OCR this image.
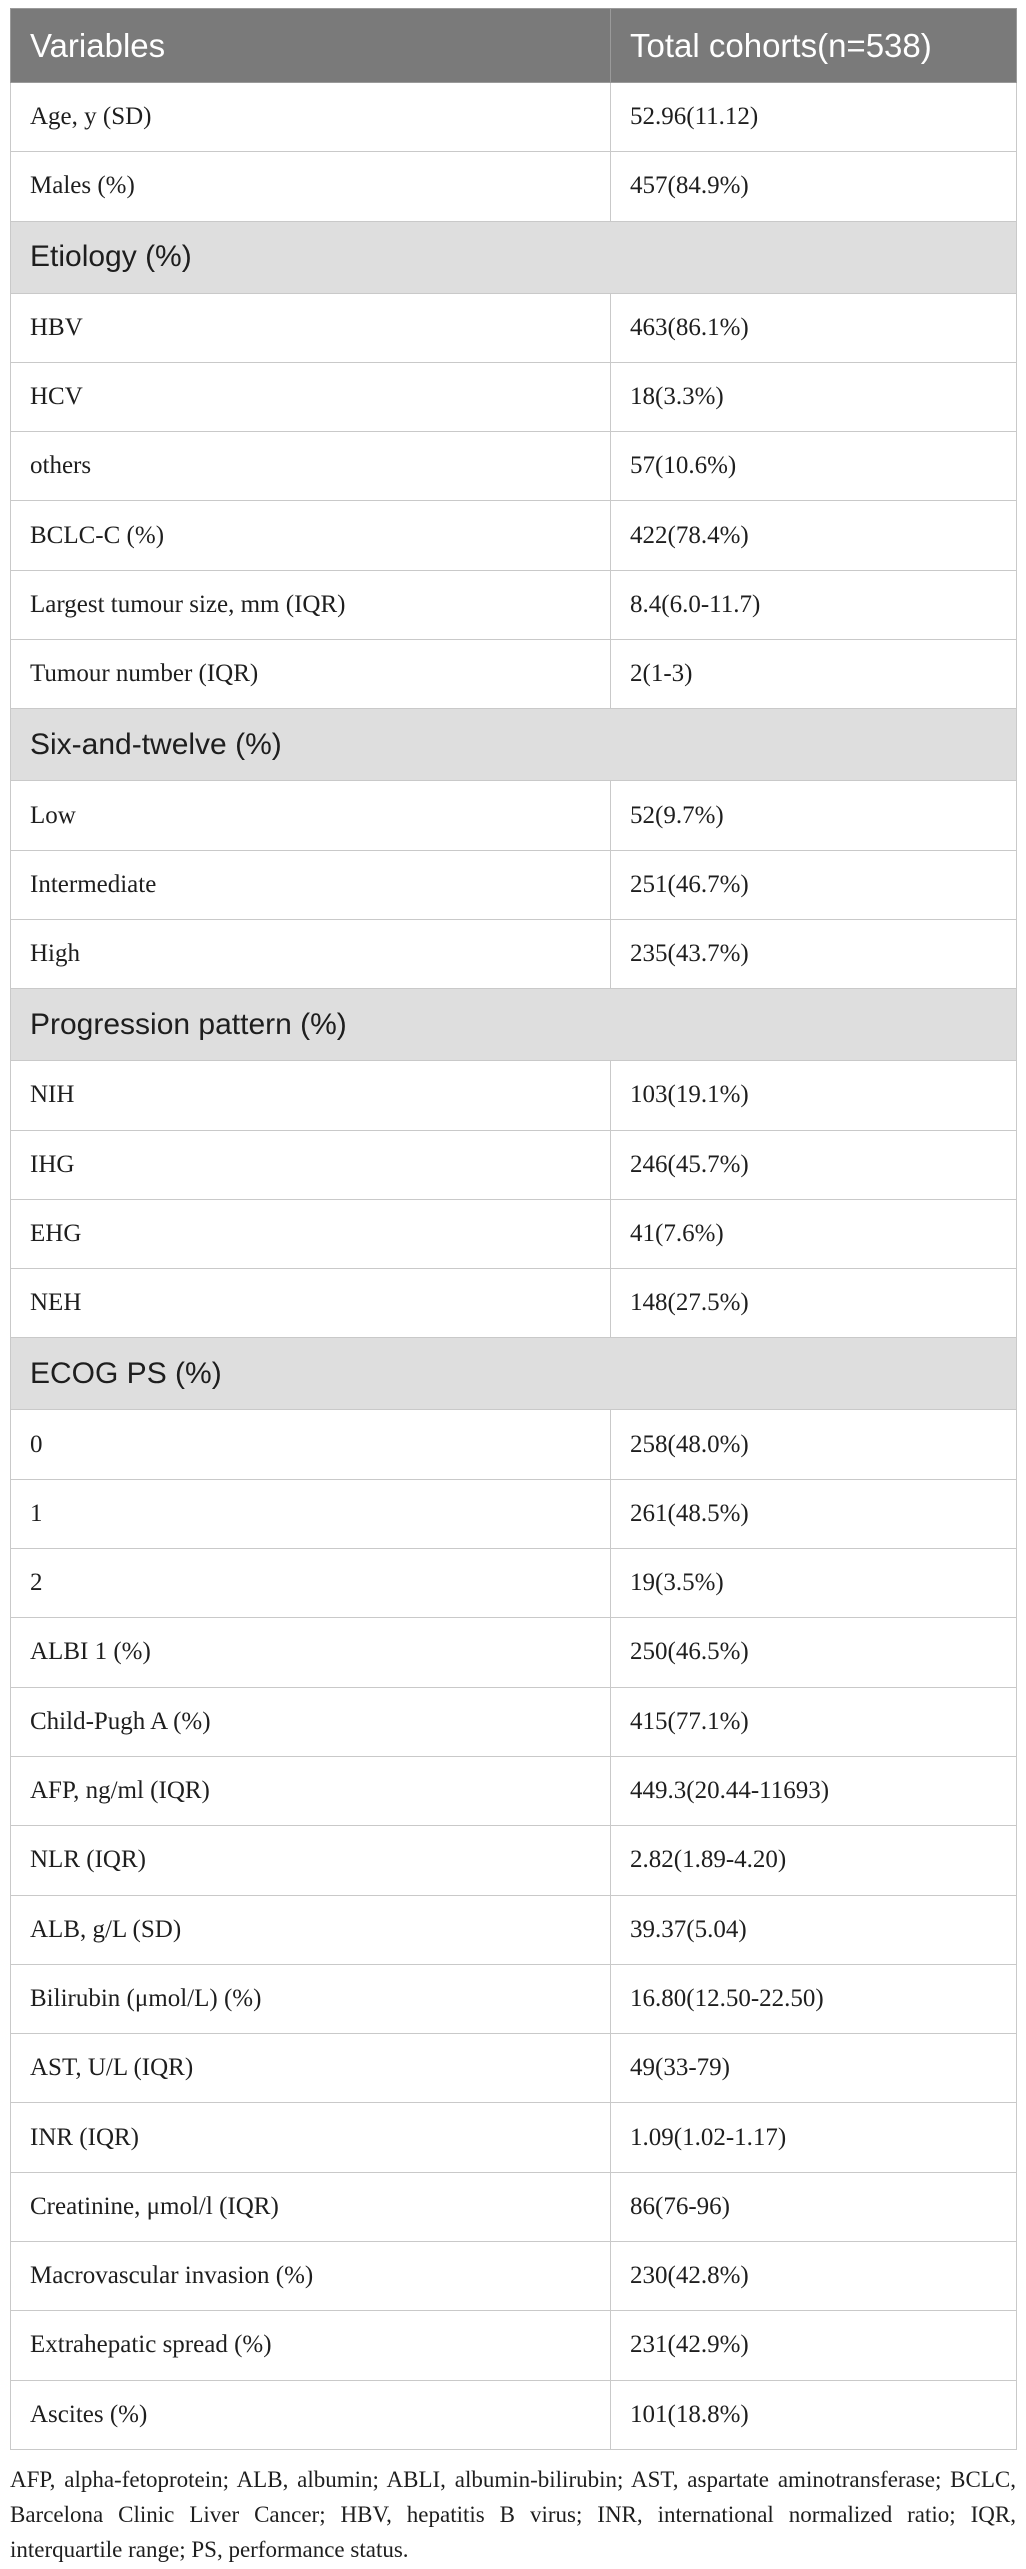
Variables	Total cohorts(n=538)
Age, y (SD)	52.96(11.12)
Males (%)	457(84.9%)
Etiology (%)	
HBV	463(86.1%)
HCV	18(3.3%)
others	57(10.6%)
BCLC-C (%)	422(78.4%)
Largest tumour size, mm (IQR)	8.4(6.0-11.7)
Tumour number (IQR)	2(1-3)
Six-and-twelve (%)	
Low	52(9.7%)
Intermediate	251(46.7%)
High	235(43.7%)
Progression pattern (%)	
NIH	103(19.1%)
IHG	246(45.7%)
EHG	41(7.6%)
NEH	148(27.5%)
ECOG PS (%)	
0	258(48.0%)
1	261(48.5%)
2	19(3.5%)
ALBI 1 (%)	250(46.5%)
Child-Pugh A (%)	415(77.1%)
AFP, ng/ml (IQR)	449.3(20.44-11693)
NLR (IQR)	2.82(1.89-4.20)
ALB, g/L (SD)	39.37(5.04)
Bilirubin (μmol/L) (%)	16.80(12.50-22.50)
AST, U/L (IQR)	49(33-79)
INR (IQR)	1.09(1.02-1.17)
Creatinine, μmol/l (IQR)	86(76-96)
Macrovascular invasion (%)	230(42.8%)
Extrahepatic spread (%)	231(42.9%)
Ascites (%)	101(18.8%)
AFP, alpha-fetoprotein; ALB, albumin; ABLI, albumin-bilirubin; AST, aspartate aminotransferase; BCLC, Barcelona Clinic Liver Cancer; HBV, hepatitis B virus; INR, international normalized ratio; IQR, interquartile range; PS, performance status.
